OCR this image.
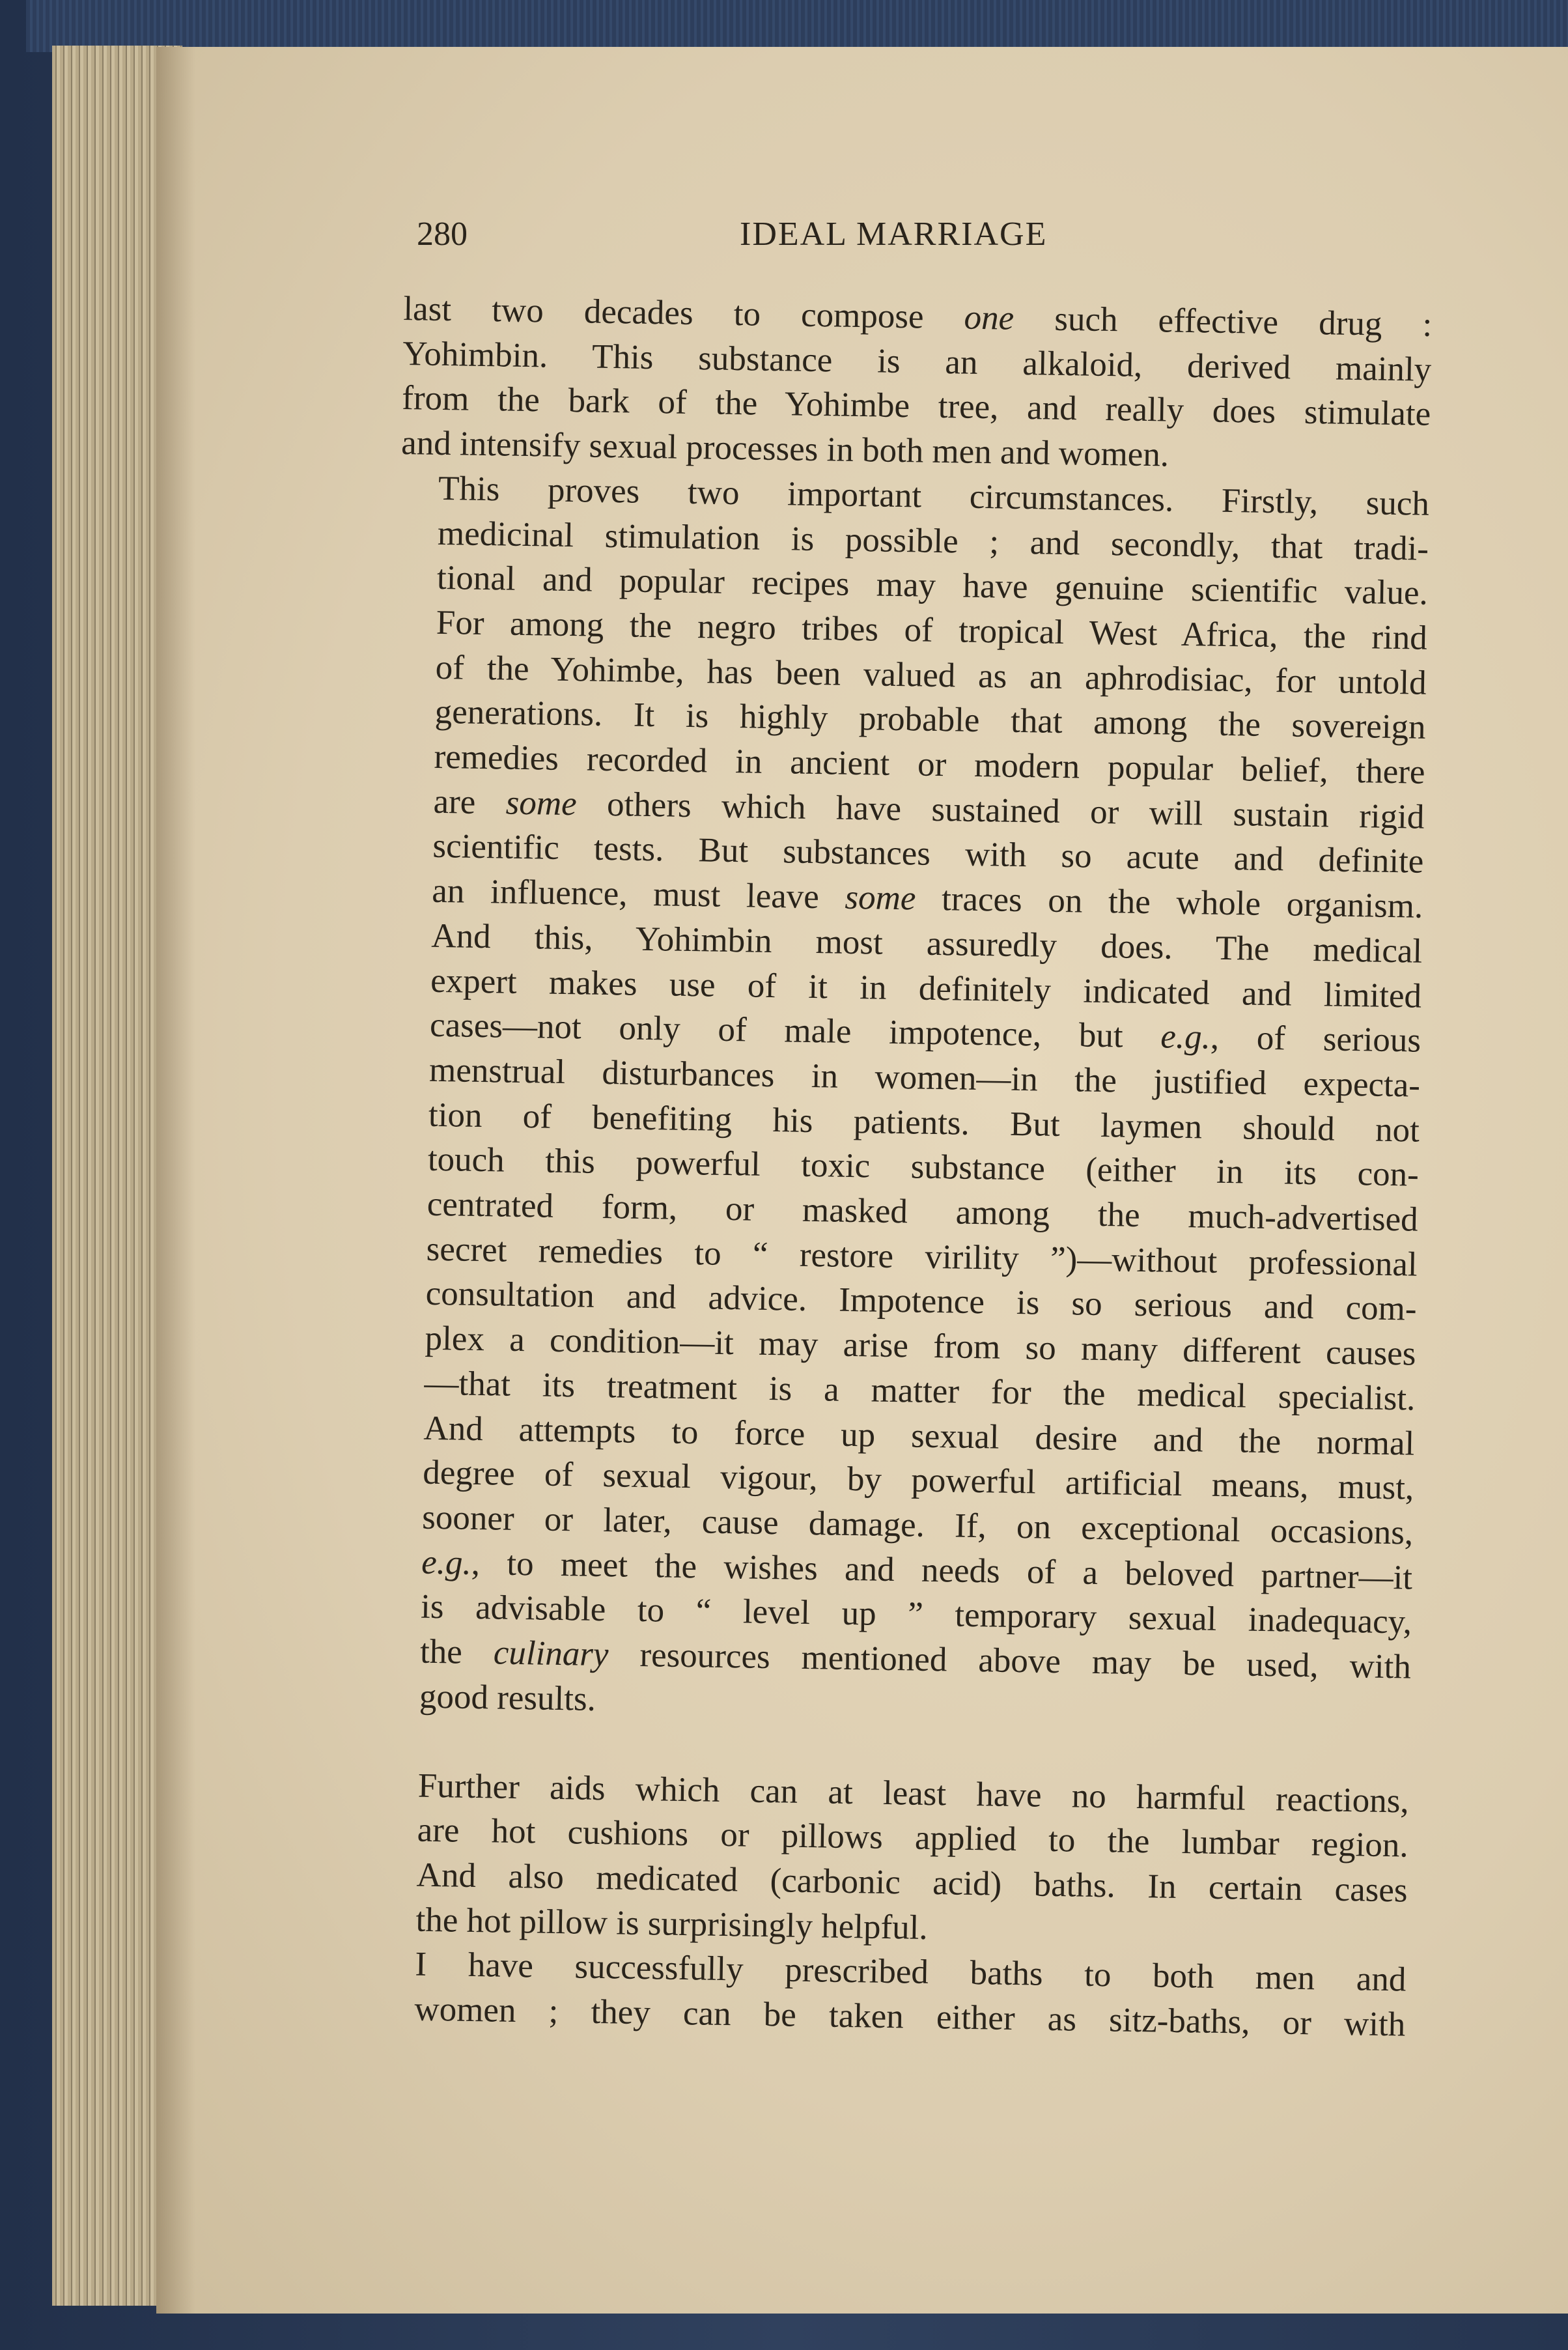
280	IDEAL MARRIAGE

last two decades to compose one such effective drug :
Yohimbin. This substance is an alkaloid, derived mainly
from the bark of the Yohimbe tree, and really does stimulate
and intensify sexual processes in both men and women.

This proves two important circumstances. Firstly, such
medicinal stimulation is possible ; and secondly, that tradi-
tional and popular recipes may have genuine scientific value.
For among the negro tribes of tropical West Africa, the rind
of the Yohimbe, has been valued as an aphrodisiac, for untold
generations. It is highly probable that among the sovereign
remedies recorded in ancient or modern popular belief, there
are some others which have sustained or will sustain rigid
scientific tests. But substances with so acute and definite
an influence, must leave some traces on the whole organism.
And this, Yohimbin most assuredly does. The medical
expert makes use of it in definitely indicated and limited
cases—not only of male impotence, but e.g., of serious
menstrual disturbances in women—in the justified expecta-
tion of benefiting his patients. But laymen should not
touch this powerful toxic substance (either in its con-
centrated form, or masked among the much-advertised
secret remedies to “ restore virility ”)—without professional
consultation and advice. Impotence is so serious and com-
plex a condition—it may arise from so many different causes
—that its treatment is a matter for the medical specialist.
And attempts to force up sexual desire and the normal
degree of sexual vigour, by powerful artificial means, must,
sooner or later, cause damage. If, on exceptional occasions,
e.g., to meet the wishes and needs of a beloved partner—it
is advisable to “ level up ” temporary sexual inadequacy,
the culinary resources mentioned above may be used, with
good results.

Further aids which can at least have no harmful reactions,
are hot cushions or pillows applied to the lumbar region.
And also medicated (carbonic acid) baths. In certain cases
the hot pillow is surprisingly helpful.

I have successfully prescribed baths to both men and
women ; they can be taken either as sitz-baths, or with
